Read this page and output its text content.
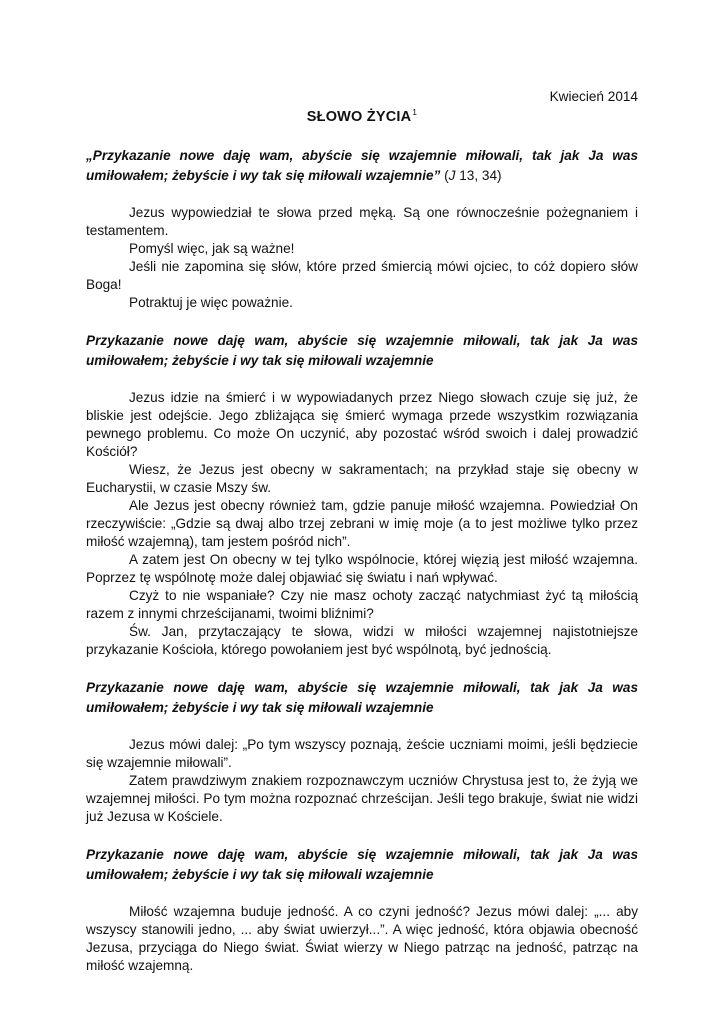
Kwiecień 2014
SŁOWO ŻYCIA$^1$

„Przykazanie nowe daję wam, abyście się wzajemnie miłowali, tak jak Ja was umiłowałem; żebyście i wy tak się miłowali wzajemnie” (J 13, 34)

Jezus wypowiedział te słowa przed męką. Są one równocześnie pożegnaniem i testamentem.

Pomyśl więc, jak są ważne!

Jeśli nie zapomina się słów, które przed śmiercią mówi ojciec, to cóż dopiero słów Boga!

Potraktuj je więc poważnie.

Przykazanie nowe daję wam, abyście się wzajemnie miłowali, tak jak Ja was umiłowałem; żebyście i wy tak się miłowali wzajemnie

Jezus idzie na śmierć i w wypowiadanych przez Niego słowach czuje się już, że bliskie jest odejście. Jego zbliżająca się śmierć wymaga przede wszystkim rozwiązania pewnego problemu. Co może On uczynić, aby pozostać wśród swoich i dalej prowadzić Kościół?

Wiesz, że Jezus jest obecny w sakramentach; na przykład staje się obecny w Eucharystii, w czasie Mszy św.

Ale Jezus jest obecny również tam, gdzie panuje miłość wzajemna. Powiedział On rzeczywiście: „Gdzie są dwaj albo trzej zebrani w imię moje (a to jest możliwe tylko przez miłość wzajemną), tam jestem pośród nich”.

A zatem jest On obecny w tej tylko wspólnocie, której więzią jest miłość wzajemna. Poprzez tę wspólnotę może dalej objawiać się światu i nań wpływać.

Czyż to nie wspaniałe? Czy nie masz ochoty zacząć natychmiast żyć tą miłością razem z innymi chrześcijanami, twoimi bliźnimi?

Św. Jan, przytaczający te słowa, widzi w miłości wzajemnej najistotniejsze przykazanie Kościoła, którego powołaniem jest być wspólnotą, być jednością.

Przykazanie nowe daję wam, abyście się wzajemnie miłowali, tak jak Ja was umiłowałem; żebyście i wy tak się miłowali wzajemnie

Jezus mówi dalej: „Po tym wszyscy poznają, żeście uczniami moimi, jeśli będziecie się wzajemnie miłowali”.

Zatem prawdziwym znakiem rozpoznawczym uczniów Chrystusa jest to, że żyją we wzajemnej miłości. Po tym można rozpoznać chrześcijan. Jeśli tego brakuje, świat nie widzi już Jezusa w Kościele.

Przykazanie nowe daję wam, abyście się wzajemnie miłowali, tak jak Ja was umiłowałem; żebyście i wy tak się miłowali wzajemnie

Miłość wzajemna buduje jedność. A co czyni jedność? Jezus mówi dalej: „... aby wszyscy stanowili jedno, ... aby świat uwierzył...”. A więc jedność, która objawia obecność Jezusa, przyciąga do Niego świat. Świat wierzy w Niego patrząc na jedność, patrząc na miłość wzajemną.
